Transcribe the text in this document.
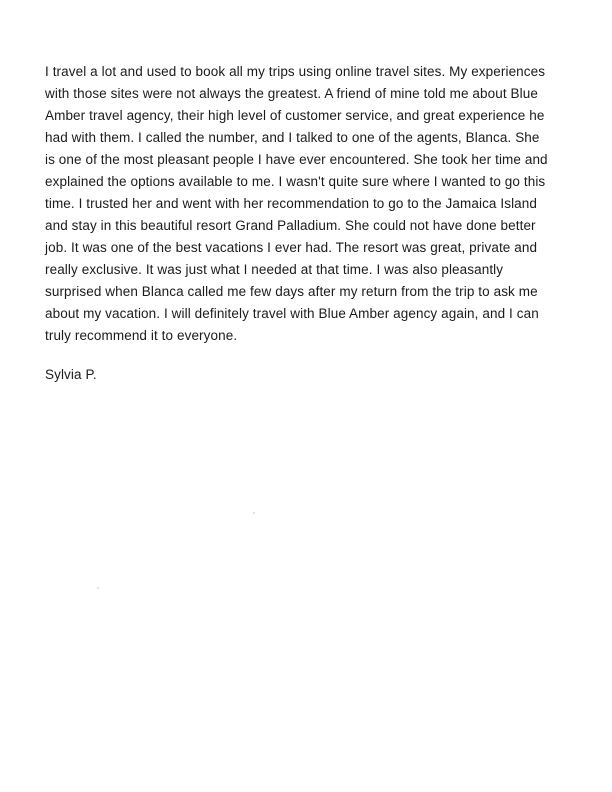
I travel a lot and used to book all my trips using online travel sites. My experiences
with those sites were not always the greatest. A friend of mine told me about Blue
Amber travel agency, their high level of customer service, and great experience he
had with them. I called the number, and I talked to one of the agents, Blanca. She
is one of the most pleasant people I have ever encountered. She took her time and
explained the options available to me. I wasn't quite sure where I wanted to go this
time. I trusted her and went with her recommendation to go to the Jamaica Island
and stay in this beautiful resort Grand Palladium. She could not have done better
job. It was one of the best vacations I ever had. The resort was great, private and
really exclusive. It was just what I needed at that time. I was also pleasantly
surprised when Blanca called me few days after my return from the trip to ask me
about my vacation. I will definitely travel with Blue Amber agency again, and I can
truly recommend it to everyone.
Sylvia P.
